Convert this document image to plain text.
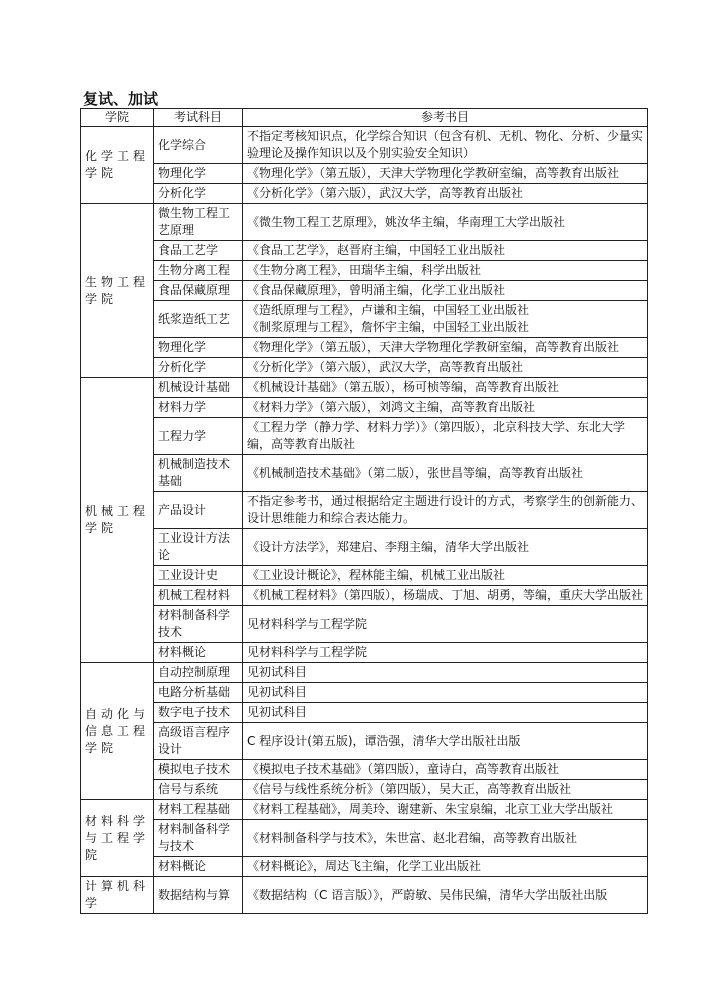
复试、加试
学院	考试科目	参考书目
化学工程学院	化学综合	不指定考核知识点，化学综合知识（包含有机、无机、物化、分析、少量实验理论及操作知识以及个别实验安全知识）
	物理化学	《物理化学》（第五版），天津大学物理化学教研室编，高等教育出版社
	分析化学	《分析化学》（第六版），武汉大学，高等教育出版社
生物工程学院	微生物工程工艺原理	《微生物工程工艺原理》，姚汝华主编，华南理工大学出版社
	食品工艺学	《食品工艺学》，赵晋府主编，中国轻工业出版社
	生物分离工程	《生物分离工程》，田瑞华主编，科学出版社
	食品保藏原理	《食品保藏原理》，曾明涌主编，化学工业出版社
	纸浆造纸工艺	《造纸原理与工程》，卢谦和主编，中国轻工业出版社
《制浆原理与工程》，詹怀宇主编，中国轻工业出版社
	物理化学	《物理化学》（第五版），天津大学物理化学教研室编，高等教育出版社
	分析化学	《分析化学》（第六版），武汉大学，高等教育出版社
机械工程学院	机械设计基础	《机械设计基础》（第五版），杨可桢等编，高等教育出版社
	材料力学	《材料力学》（第六版），刘鸿文主编，高等教育出版社
	工程力学	《工程力学（静力学、材料力学）》（第四版），北京科技大学、东北大学编，高等教育出版社
	机械制造技术基础	《机械制造技术基础》（第二版），张世昌等编，高等教育出版社
	产品设计	不指定参考书，通过根据给定主题进行设计的方式，考察学生的创新能力、设计思维能力和综合表达能力。
	工业设计方法论	《设计方法学》，郑建启、李翔主编，清华大学出版社
	工业设计史	《工业设计概论》，程林能主编，机械工业出版社
	机械工程材料	《机械工程材料》（第四版），杨瑞成、丁旭、胡勇，等编，重庆大学出版社
	材料制备科学技术	见材料科学与工程学院
	材料概论	见材料科学与工程学院
自动化与信息工程学院	自动控制原理	见初试科目
	电路分析基础	见初试科目
	数字电子技术	见初试科目
	高级语言程序设计	C 程序设计(第五版)，谭浩强，清华大学出版社出版
	模拟电子技术	《模拟电子技术基础》（第四版），童诗白，高等教育出版社
	信号与系统	《信号与线性系统分析》（第四版），吴大正，高等教育出版社
材料科学与工程学院	材料工程基础	《材料工程基础》，周美玲、谢建新、朱宝泉编，北京工业大学出版社
	材料制备科学与技术	《材料制备科学与技术》，朱世富、赵北君编，高等教育出版社
	材料概论	《材料概论》，周达飞主编，化学工业出版社
计算机科学	数据结构与算	《数据结构（C 语言版）》，严蔚敏、吴伟民编，清华大学出版社出版
